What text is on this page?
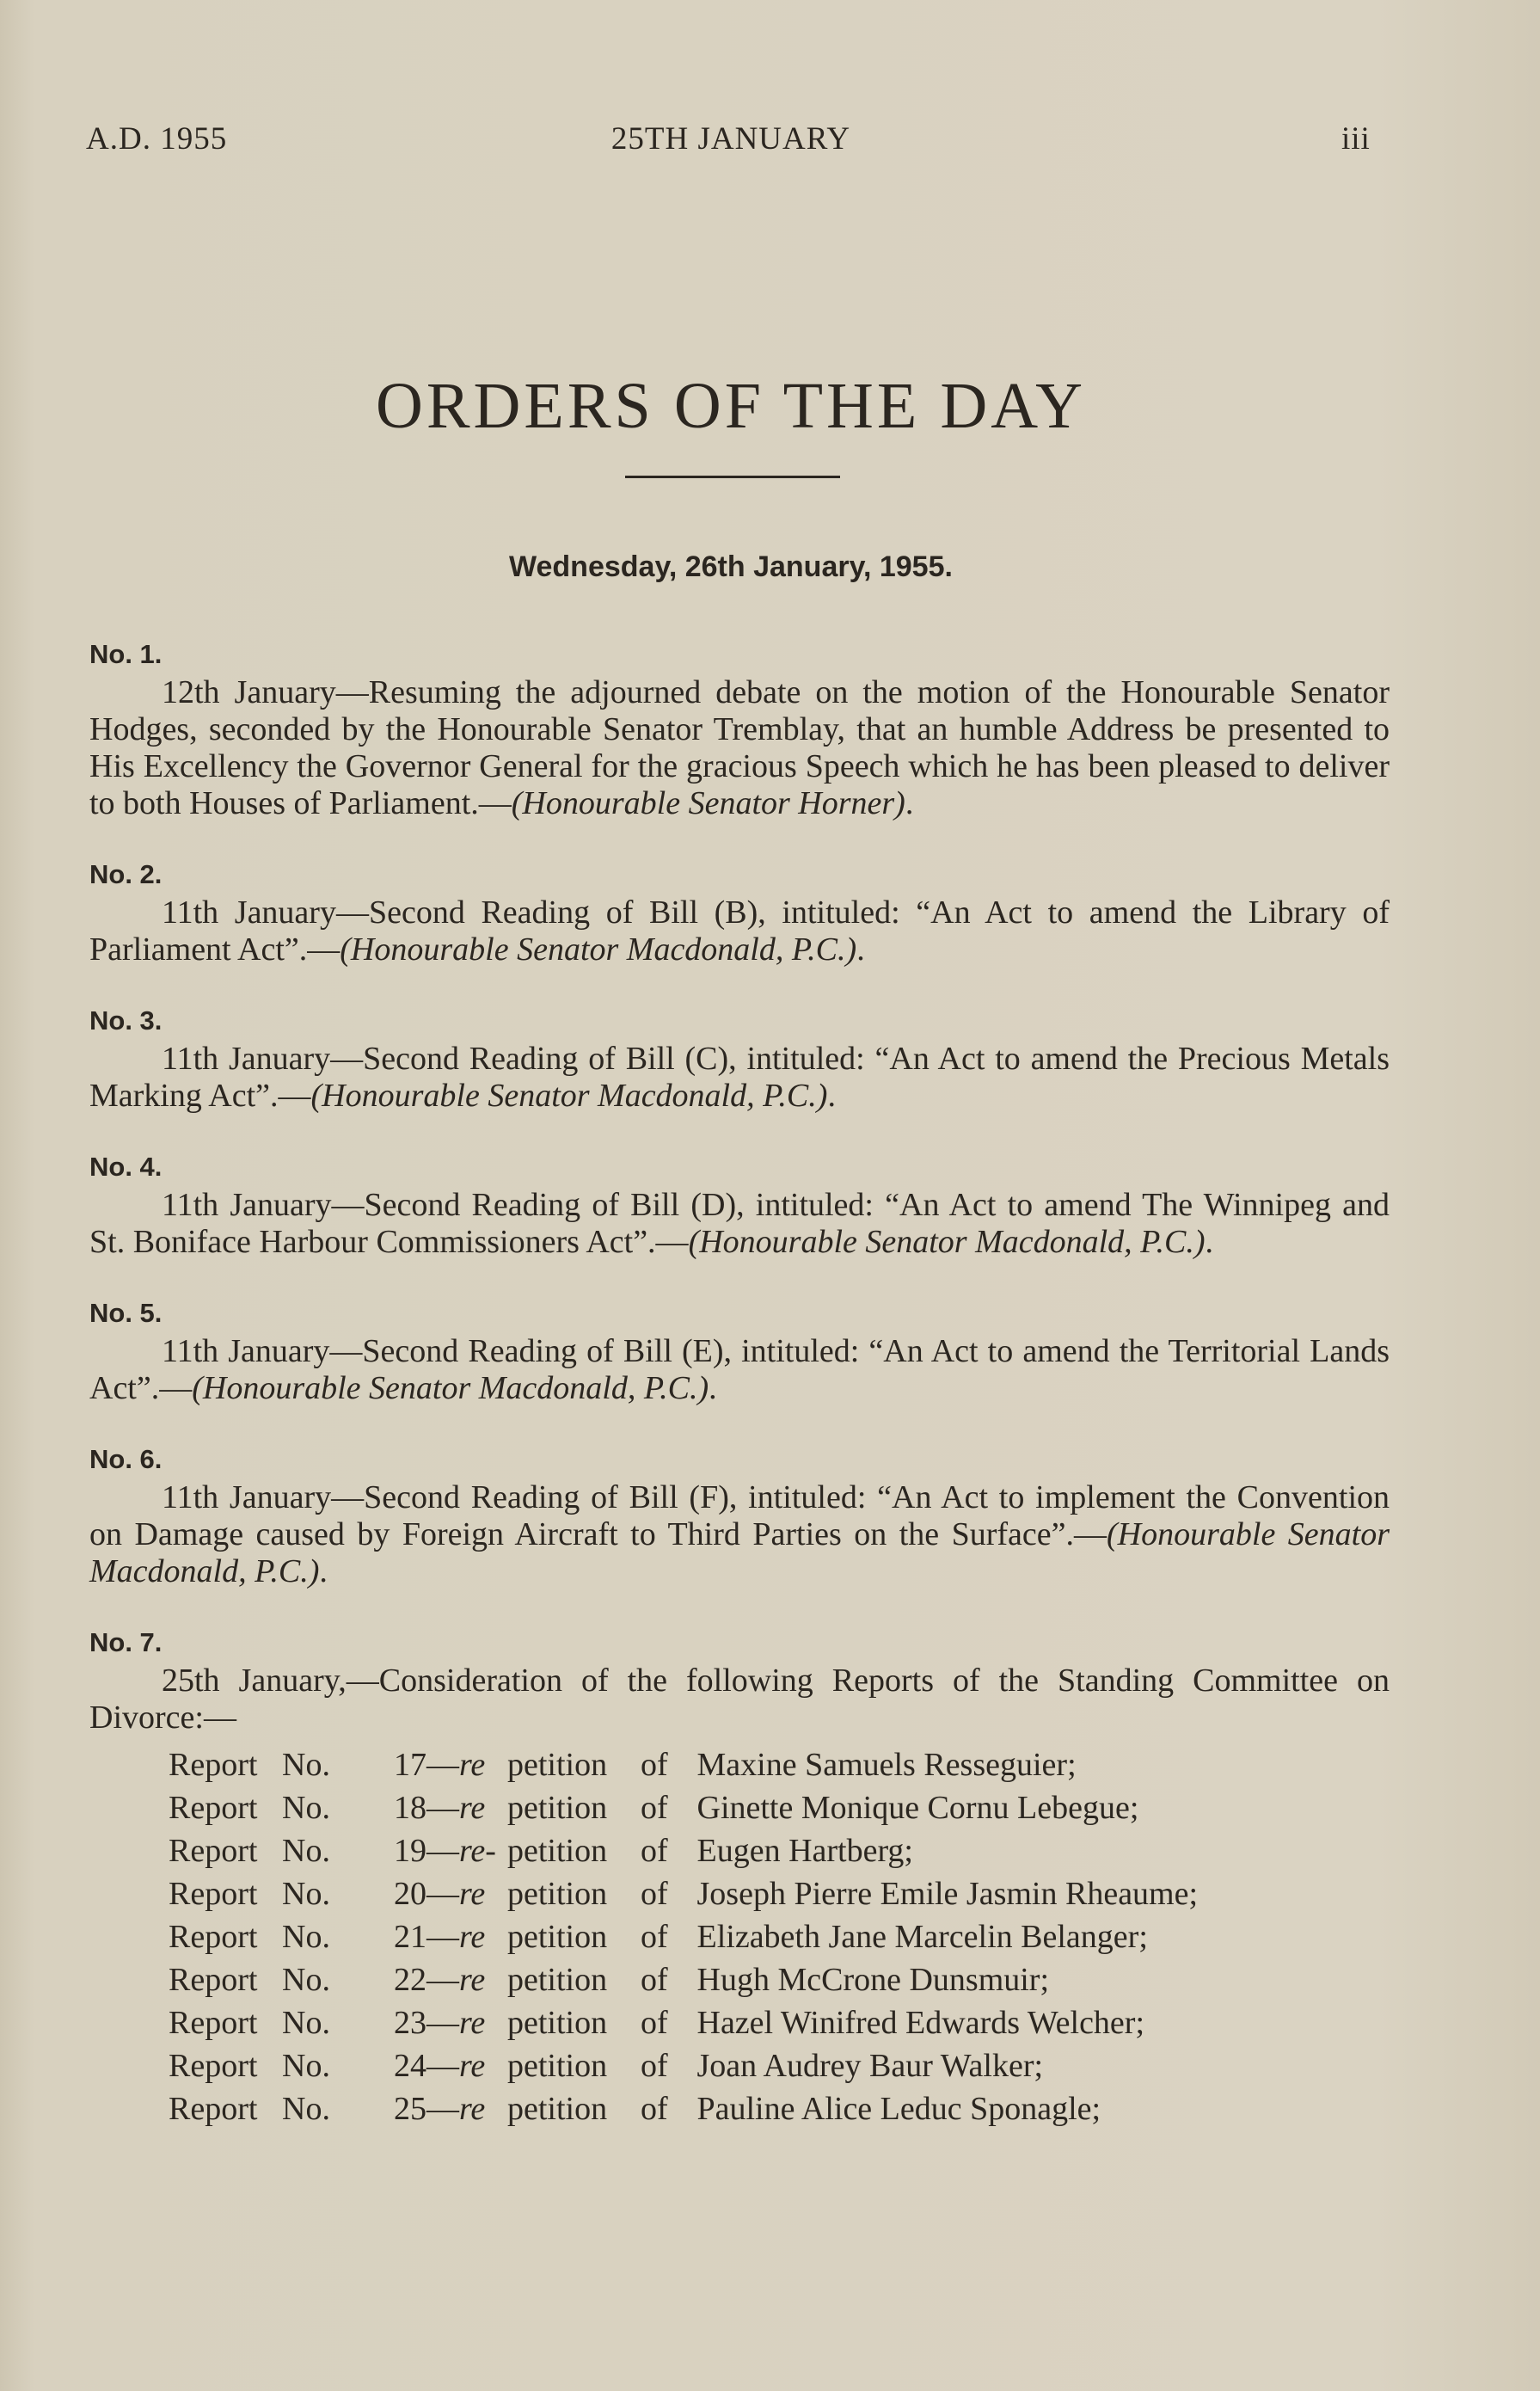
A.D. 1955	25TH JANUARY	iii
ORDERS OF THE DAY
Wednesday, 26th January, 1955.
No. 1.
12th January—Resuming the adjourned debate on the motion of the Honourable Senator Hodges, seconded by the Honourable Senator Tremblay, that an humble Address be presented to His Excellency the Governor General for the gracious Speech which he has been pleased to deliver to both Houses of Parliament.—(Honourable Senator Horner).
No. 2.
11th January—Second Reading of Bill (B), intituled: “An Act to amend the Library of Parliament Act”.—(Honourable Senator Macdonald, P.C.).
No. 3.
11th January—Second Reading of Bill (C), intituled: “An Act to amend the Precious Metals Marking Act”.—(Honourable Senator Macdonald, P.C.).
No. 4.
11th January—Second Reading of Bill (D), intituled: “An Act to amend The Winnipeg and St. Boniface Harbour Commissioners Act”.—(Honourable Senator Macdonald, P.C.).
No. 5.
11th January—Second Reading of Bill (E), intituled: “An Act to amend the Territorial Lands Act”.—(Honourable Senator Macdonald, P.C.).
No. 6.
11th January—Second Reading of Bill (F), intituled: “An Act to implement the Convention on Damage caused by Foreign Aircraft to Third Parties on the Surface”.—(Honourable Senator Macdonald, P.C.).
No. 7.
25th January,—Consideration of the following Reports of the Standing Committee on Divorce:—
Report No. 17—re petition of Maxine Samuels Resseguier;
Report No. 18—re petition of Ginette Monique Cornu Lebegue;
Report No. 19—re- petition of Eugen Hartberg;
Report No. 20—re petition of Joseph Pierre Emile Jasmin Rheaume;
Report No. 21—re petition of Elizabeth Jane Marcelin Belanger;
Report No. 22—re petition of Hugh McCrone Dunsmuir;
Report No. 23—re petition of Hazel Winifred Edwards Welcher;
Report No. 24—re petition of Joan Audrey Baur Walker;
Report No. 25—re petition of Pauline Alice Leduc Sponagle;
